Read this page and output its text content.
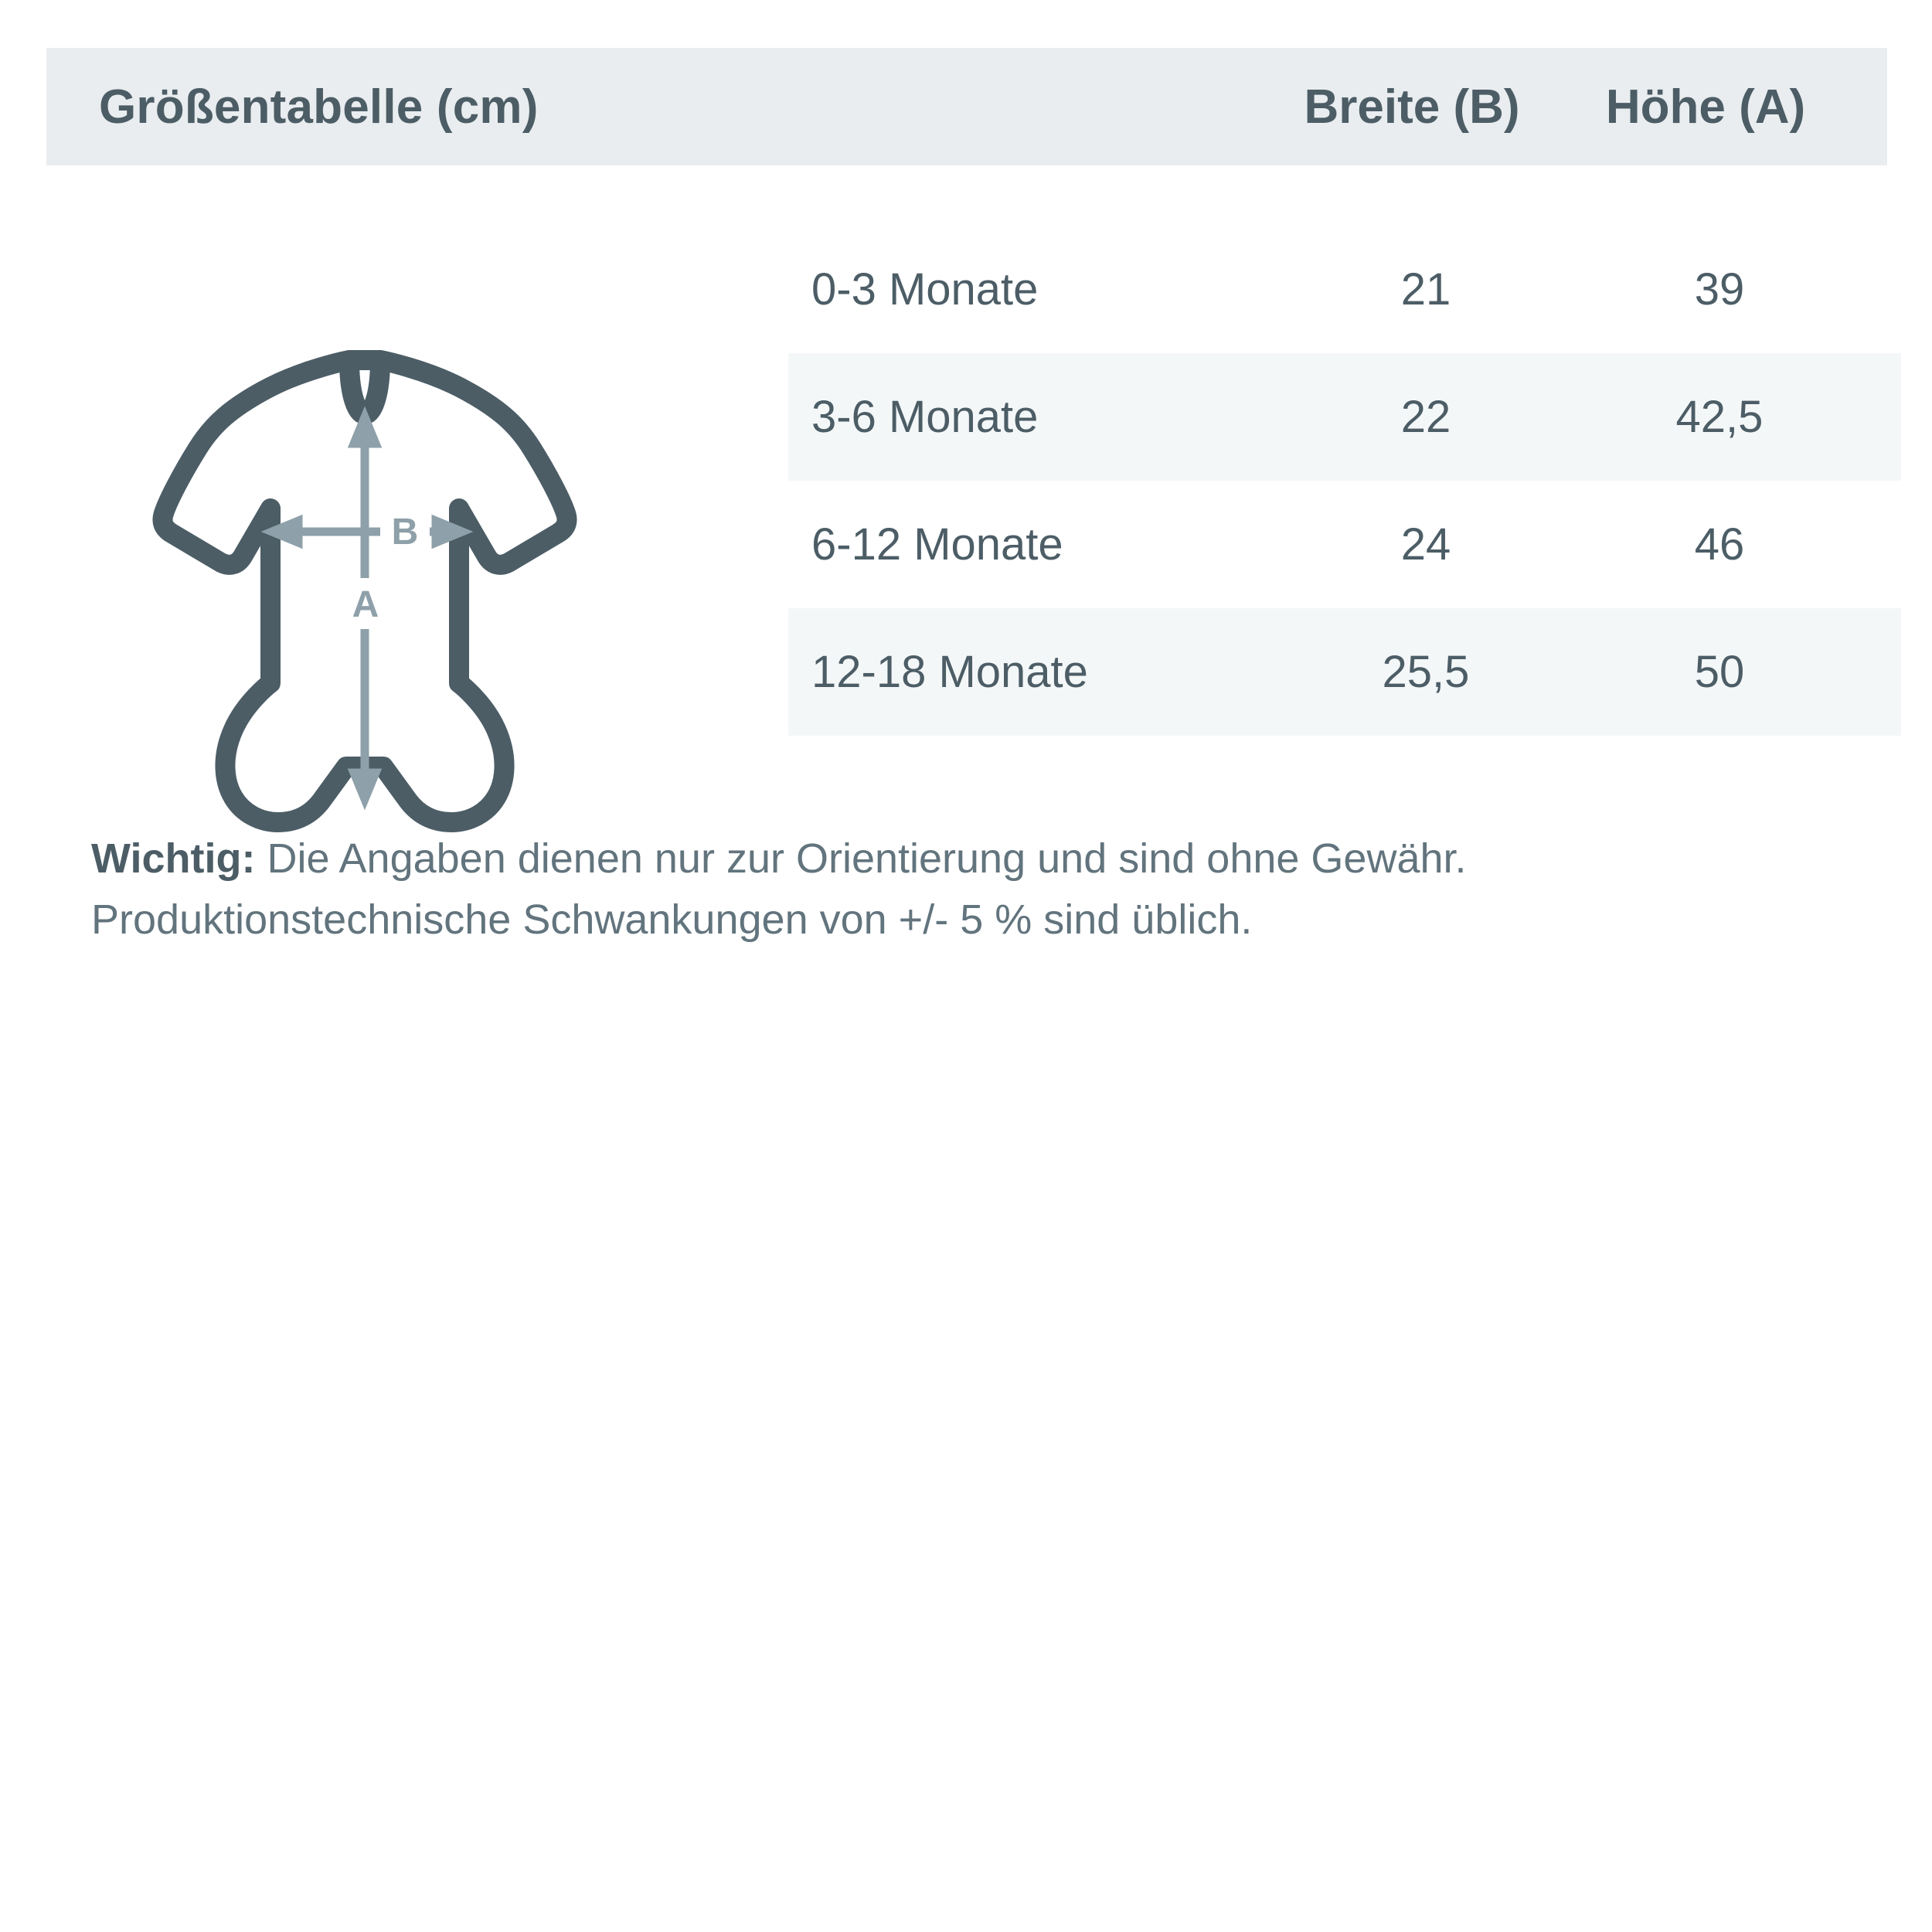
Größentabelle (cm)	Breite (B)	Höhe (A)
A
B
0-3 Monate	21	39
3-6 Monate	22	42,5
6-12 Monate	24	46
12-18 Monate	25,5	50
Wichtig: Die Angaben dienen nur zur Orientierung und sind ohne Gewähr. Produktionstechnische Schwankungen von +/- 5 % sind üblich.
